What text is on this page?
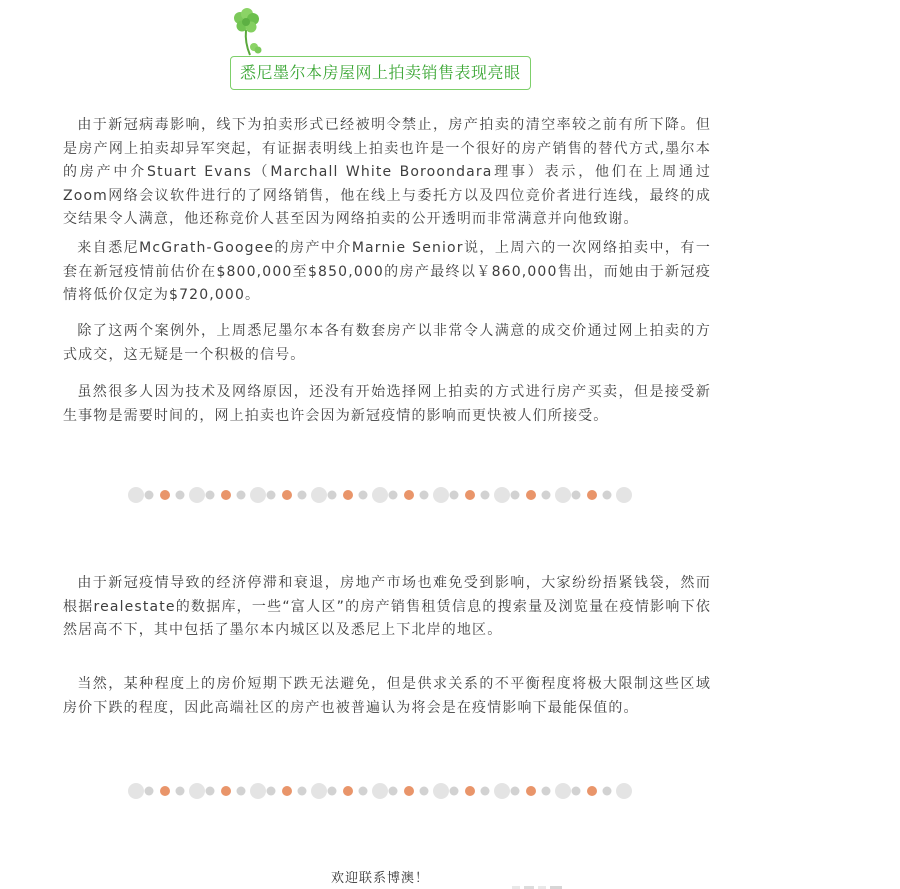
悉尼墨尔本房屋网上拍卖销售表现亮眼

由于新冠病毒影响，线下为拍卖形式已经被明令禁止，房产拍卖的清空率较之前有所下降。但是房产网上拍卖却异军突起，有证据表明线上拍卖也许是一个很好的房产销售的替代方式,墨尔本的房产中介Stuart Evans（Marchall White Boroondara理事）表示，他们在上周通过Zoom网络会议软件进行的了网络销售，他在线上与委托方以及四位竞价者进行连线，最终的成交结果令人满意，他还称竞价人甚至因为网络拍卖的公开透明而非常满意并向他致谢。

来自悉尼McGrath-Googee的房产中介Marnie Senior说，上周六的一次网络拍卖中，有一套在新冠疫情前估价在$800,000至$850,000的房产最终以￥860,000售出，而她由于新冠疫情将低价仅定为$720,000。

除了这两个案例外，上周悉尼墨尔本各有数套房产以非常令人满意的成交价通过网上拍卖的方式成交，这无疑是一个积极的信号。

虽然很多人因为技术及网络原因，还没有开始选择网上拍卖的方式进行房产买卖，但是接受新生事物是需要时间的，网上拍卖也许会因为新冠疫情的影响而更快被人们所接受。

由于新冠疫情导致的经济停滞和衰退，房地产市场也难免受到影响，大家纷纷捂紧钱袋，然而根据realestate的数据库，一些“富人区”的房产销售租赁信息的搜索量及浏览量在疫情影响下依然居高不下，其中包括了墨尔本内城区以及悉尼上下北岸的地区。

当然，某种程度上的房价短期下跌无法避免，但是供求关系的不平衡程度将极大限制这些区域房价下跌的程度，因此高端社区的房产也被普遍认为将会是在疫情影响下最能保值的。

欢迎联系博澳！
